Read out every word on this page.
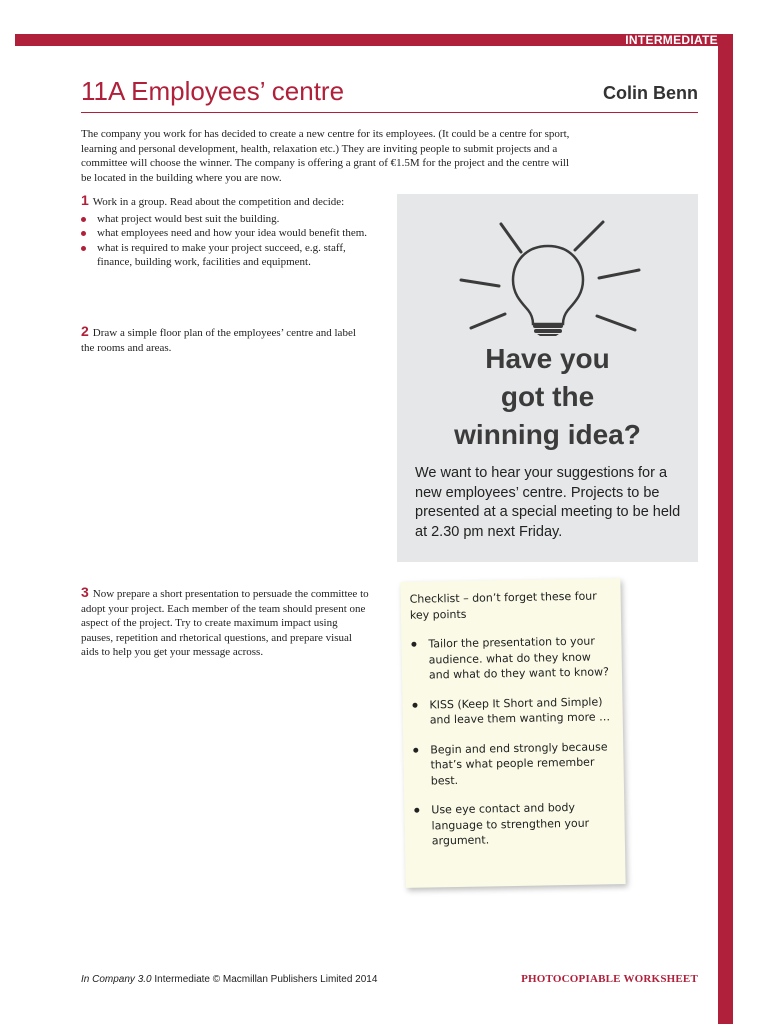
INTERMEDIATE
11A Employees’ centre	Colin Benn

The company you work for has decided to create a new centre for its employees. (It could be a centre for sport, learning and personal development, health, relaxation etc.) They are inviting people to submit projects and a committee will choose the winner. The company is offering a grant of €1.5M for the project and the centre will be located in the building where you are now.

1 Work in a group. Read about the competition and decide:

what project would best suit the building.
what employees need and how your idea would benefit them.
what is required to make your project succeed, e.g. staff, finance, building work, facilities and equipment.

2 Draw a simple floor plan of the employees’ centre and label the rooms and areas.

3 Now prepare a short presentation to persuade the committee to adopt your project. Each member of the team should present one aspect of the project. Try to create maximum impact using pauses, repetition and rhetorical questions, and prepare visual aids to help you get your message across.

Have you
got the
winning idea?

We want to hear your suggestions for a new employees’ centre. Projects to be presented at a special meeting to be held at 2.30 pm next Friday.

Checklist – don’t forget these four key points

Tailor the presentation to your audience. what do they know and what do they want to know?
KISS (Keep It Short and Simple) and leave them wanting more …
Begin and end strongly because that’s what people remember best.
Use eye contact and body language to strengthen your argument.
In Company 3.0 Intermediate © Macmillan Publishers Limited 2014	PHOTOCOPIABLE WORKSHEET
